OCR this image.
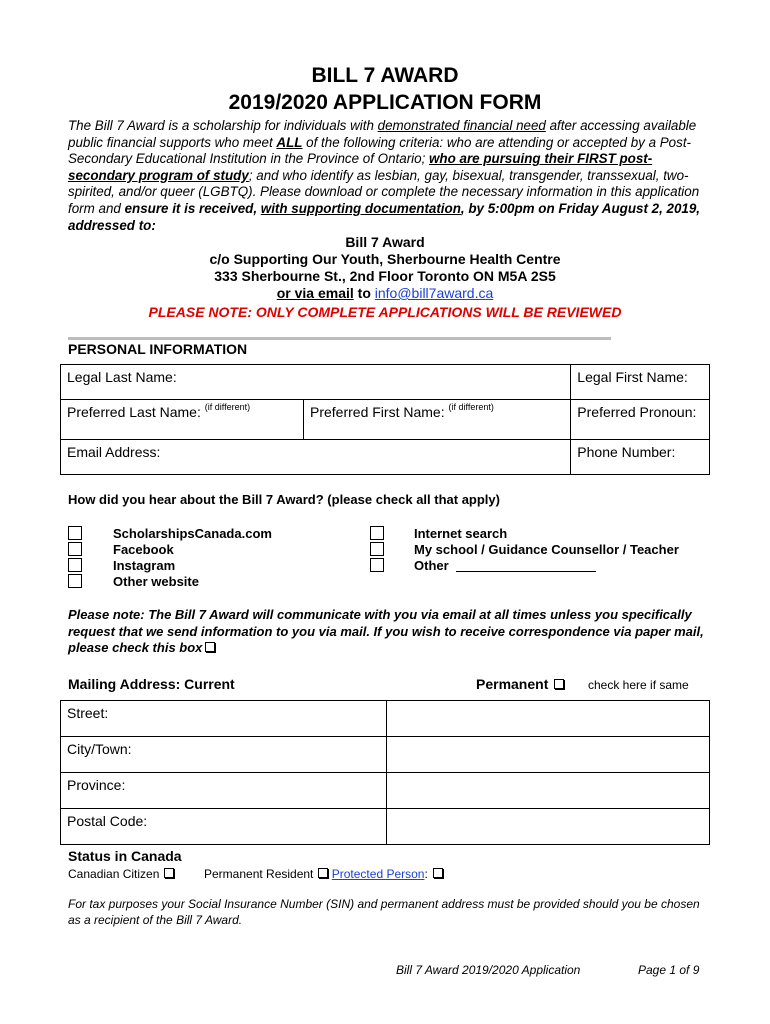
BILL 7 AWARD
2019/2020 APPLICATION FORM
The Bill 7 Award is a scholarship for individuals with demonstrated financial need after accessing available public financial supports who meet ALL of the following criteria: who are attending or accepted by a Post-Secondary Educational Institution in the Province of Ontario; who are pursuing their FIRST post-secondary program of study; and who identify as lesbian, gay, bisexual, transgender, transsexual, two-spirited, and/or queer (LGBTQ). Please download or complete the necessary information in this application form and ensure it is received, with supporting documentation, by 5:00pm on Friday August 2, 2019, addressed to:
Bill 7 Award
c/o Supporting Our Youth, Sherbourne Health Centre
333 Sherbourne St., 2nd Floor Toronto ON M5A 2S5
or via email to info@bill7award.ca
PLEASE NOTE: ONLY COMPLETE APPLICATIONS WILL BE REVIEWED
PERSONAL INFORMATION
Legal Last Name:		Legal First Name:
Preferred Last Name: $^{(if different)}$	Preferred First Name: $^{(if different)}$	Preferred Pronoun:
Email Address:		Phone Number:
How did you hear about the Bill 7 Award? (please check all that apply)
ScholarshipsCanada.com
Facebook
Instagram
Other website
Internet search
My school / Guidance Counsellor / Teacher
Other
Please note: The Bill 7 Award will communicate with you via email at all times unless you specifically request that we send information to you via mail. If you wish to receive correspondence via paper mail, please check this box
Mailing Address: Current	Permanent	check here if same
Street:	
City/Town:	
Province:	
Postal Code:	
Status in Canada
Canadian Citizen	Permanent Resident Protected Person:
For tax purposes your Social Insurance Number (SIN) and permanent address must be provided should you be chosen as a recipient of the Bill 7 Award.
Bill 7 Award 2019/2020 Application	Page 1 of 9
